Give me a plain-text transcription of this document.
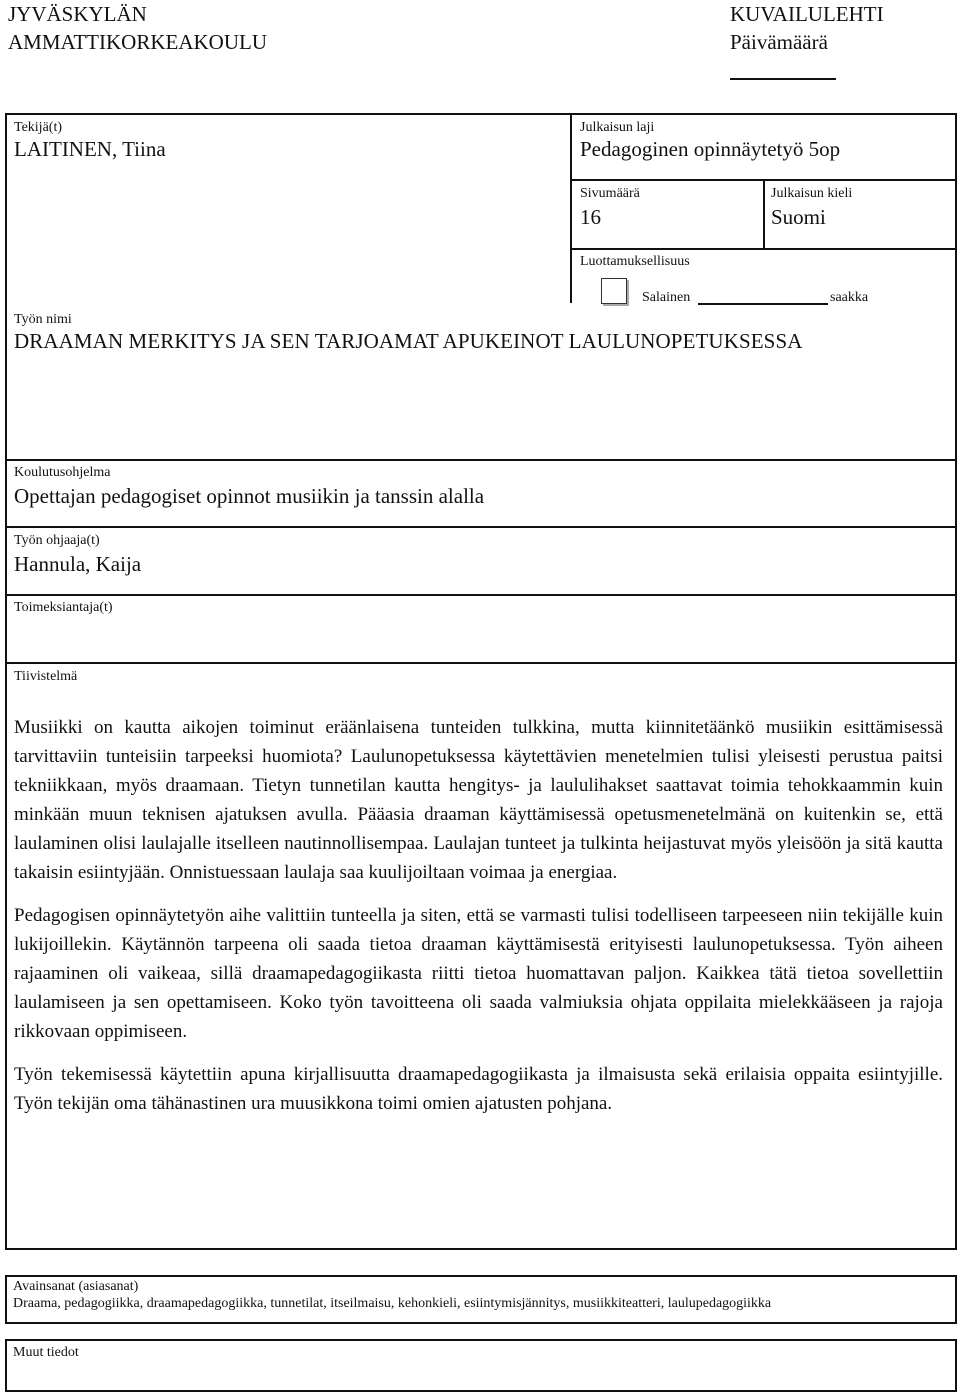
JYVÄSKYLÄN
AMMATTIKORKEAKOULU
KUVAILULEHTI
Päivämäärä
Tekijä(t)
LAITINEN, Tiina
Julkaisun laji
Pedagoginen opinnäytetyö 5op
Sivumäärä
16
Julkaisun kieli
Suomi
Luottamuksellisuus
Salainen	saakka
Työn nimi
DRAAMAN MERKITYS JA SEN TARJOAMAT APUKEINOT LAULUNOPETUKSESSA
Koulutusohjelma
Opettajan pedagogiset opinnot musiikin ja tanssin alalla
Työn ohjaaja(t)
Hannula, Kaija
Toimeksiantaja(t)
Tiivistelmä

Musiikki on kautta aikojen toiminut eräänlaisena tunteiden tulkkina, mutta kiinnitetäänkö musiikin esittämisessä tarvittaviin tunteisiin tarpeeksi huomiota? Laulunopetuksessa käytettävien menetelmien tulisi yleisesti perustua paitsi tekniikkaan, myös draamaan. Tietyn tunnetilan kautta hengitys- ja laululihakset saattavat toimia tehokkaammin kuin minkään muun teknisen ajatuksen avulla. Pääasia draaman käyttämisessä opetusmenetelmänä on kuitenkin se, että laulaminen olisi laulajalle itselleen nautinnollisempaa. Laulajan tunteet ja tulkinta heijastuvat myös yleisöön ja sitä kautta takaisin esiintyjään. Onnistuessaan laulaja saa kuulijoiltaan voimaa ja energiaa.

Pedagogisen opinnäytetyön aihe valittiin tunteella ja siten, että se varmasti tulisi todelliseen tarpeeseen niin tekijälle kuin lukijoillekin. Käytännön tarpeena oli saada tietoa draaman käyttämisestä erityisesti laulunopetuksessa. Työn aiheen rajaaminen oli vaikeaa, sillä draamapedagogiikasta riitti tietoa huomattavan paljon. Kaikkea tätä tietoa sovellettiin laulamiseen ja sen opettamiseen. Koko työn tavoitteena oli saada valmiuksia ohjata oppilaita mielekkääseen ja rajoja rikkovaan oppimiseen.

Työn tekemisessä käytettiin apuna kirjallisuutta draamapedagogiikasta ja ilmaisusta sekä erilaisia oppaita esiintyjille. Työn tekijän oma tähänastinen ura muusikkona toimi omien ajatusten pohjana.

Avainsanat (asiasanat)
Draama, pedagogiikka, draamapedagogiikka, tunnetilat, itseilmaisu, kehonkieli, esiintymisjännitys, musiikkiteatteri, laulupedagogiikka
Muut tiedot
